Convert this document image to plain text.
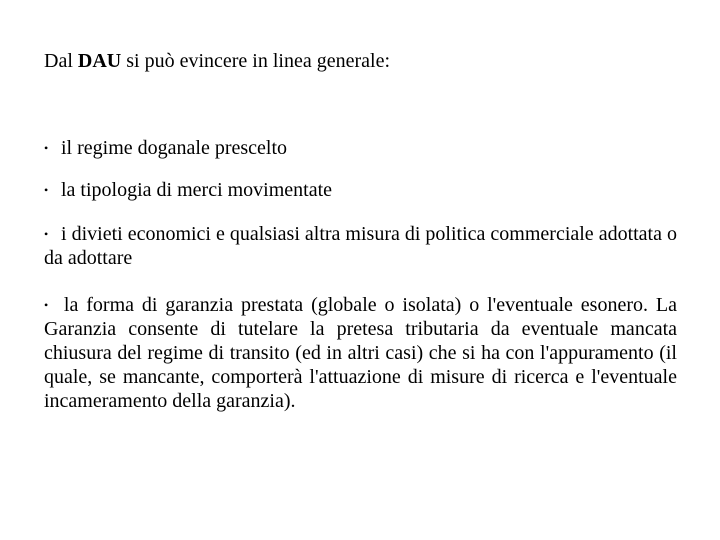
Dal DAU si può evincere in linea generale:
• il regime doganale prescelto
• la tipologia di merci movimentate
• i divieti economici e qualsiasi altra misura di politica commerciale adottata o da adottare
• la forma di garanzia prestata (globale o isolata) o l'eventuale esonero. La Garanzia consente di tutelare la pretesa tributaria da eventuale mancata chiusura del regime di transito (ed in altri casi) che si ha con l'appuramento (il quale, se mancante, comporterà l'attuazione di misure di ricerca e l'eventuale incameramento della garanzia).
